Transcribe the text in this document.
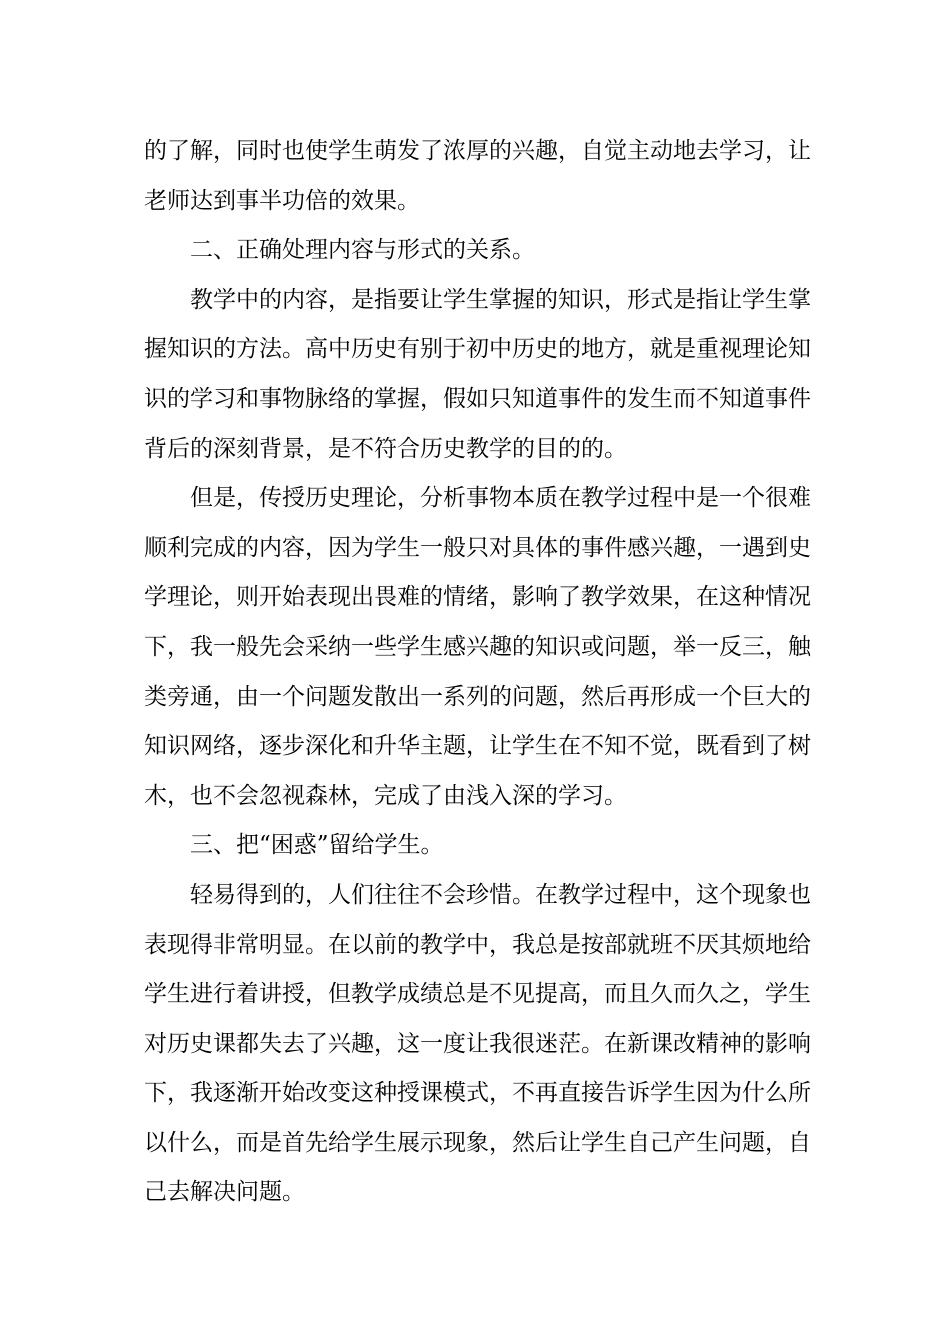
的了解，同时也使学生萌发了浓厚的兴趣，自觉主动地去学习，让
老师达到事半功倍的效果。
二、正确处理内容与形式的关系。
教学中的内容，是指要让学生掌握的知识，形式是指让学生掌
握知识的方法。高中历史有别于初中历史的地方，就是重视理论知
识的学习和事物脉络的掌握，假如只知道事件的发生而不知道事件
背后的深刻背景，是不符合历史教学的目的的。
但是，传授历史理论，分析事物本质在教学过程中是一个很难
顺利完成的内容，因为学生一般只对具体的事件感兴趣，一遇到史
学理论，则开始表现出畏难的情绪，影响了教学效果，在这种情况
下，我一般先会采纳一些学生感兴趣的知识或问题，举一反三，触
类旁通，由一个问题发散出一系列的问题，然后再形成一个巨大的
知识网络，逐步深化和升华主题，让学生在不知不觉，既看到了树
木，也不会忽视森林，完成了由浅入深的学习。
三、把“困惑”留给学生。
轻易得到的，人们往往不会珍惜。在教学过程中，这个现象也
表现得非常明显。在以前的教学中，我总是按部就班不厌其烦地给
学生进行着讲授，但教学成绩总是不见提高，而且久而久之，学生
对历史课都失去了兴趣，这一度让我很迷茫。在新课改精神的影响
下，我逐渐开始改变这种授课模式，不再直接告诉学生因为什么所
以什么，而是首先给学生展示现象，然后让学生自己产生问题，自
己去解决问题。
